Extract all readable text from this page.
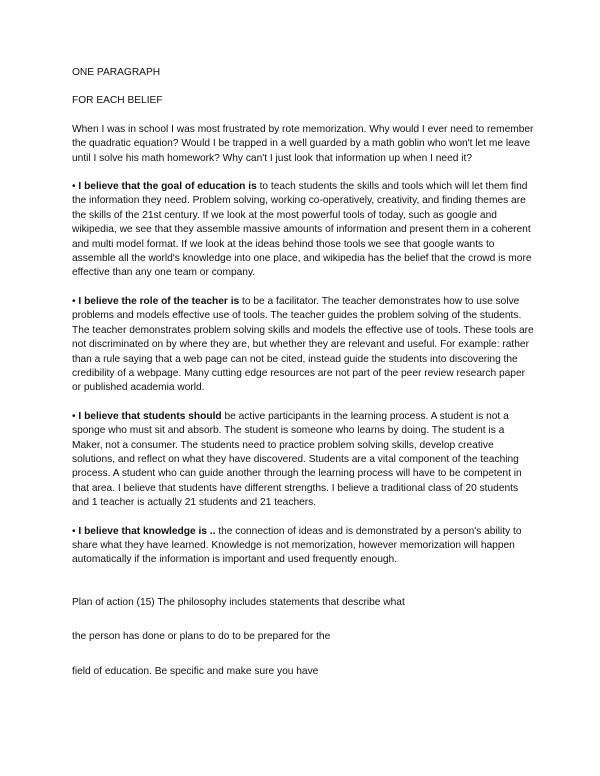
ONE PARAGRAPH
FOR EACH BELIEF
When I was in school I was most frustrated by rote memorization. Why would I ever need to remember the quadratic equation? Would I be trapped in a well guarded by a math goblin who won't let me leave until I solve his math homework? Why can't I just look that information up when I need it?
• I believe that the goal of education is to teach students the skills and tools which will let them find the information they need. Problem solving, working co-operatively, creativity, and finding themes are the skills of the 21st century. If we look at the most powerful tools of today, such as google and wikipedia, we see that they assemble massive amounts of information and present them in a coherent and multi model format. If we look at the ideas behind those tools we see that google wants to assemble all the world's knowledge into one place, and wikipedia has the belief that the crowd is more effective than any one team or company.
• I believe the role of the teacher is to be a facilitator. The teacher demonstrates how to use solve problems and models effective use of tools. The teacher guides the problem solving of the students. The teacher demonstrates problem solving skills and models the effective use of tools. These tools are not discriminated on by where they are, but whether they are relevant and useful. For example: rather than a rule saying that a web page can not be cited, instead guide the students into discovering the credibility of a webpage. Many cutting edge resources are not part of the peer review research paper or published academia world.
• I believe that students should be active participants in the learning process. A student is not a sponge who must sit and absorb. The student is someone who learns by doing. The student is a Maker, not a consumer. The students need to practice problem solving skills, develop creative solutions, and reflect on what they have discovered. Students are a vital component of the teaching process. A student who can guide another through the learning process will have to be competent in that area. I believe that students have different strengths. I believe a traditional class of 20 students and 1 teacher is actually 21 students and 21 teachers.
• I believe that knowledge is .. the connection of ideas and is demonstrated by a person's ability to share what they have learned. Knowledge is not memorization, however memorization will happen automatically if the information is important and used frequently enough.
Plan of action (15) The philosophy includes statements that describe what
the person has done or plans to do to be prepared for the
field of education. Be specific and make sure you have
